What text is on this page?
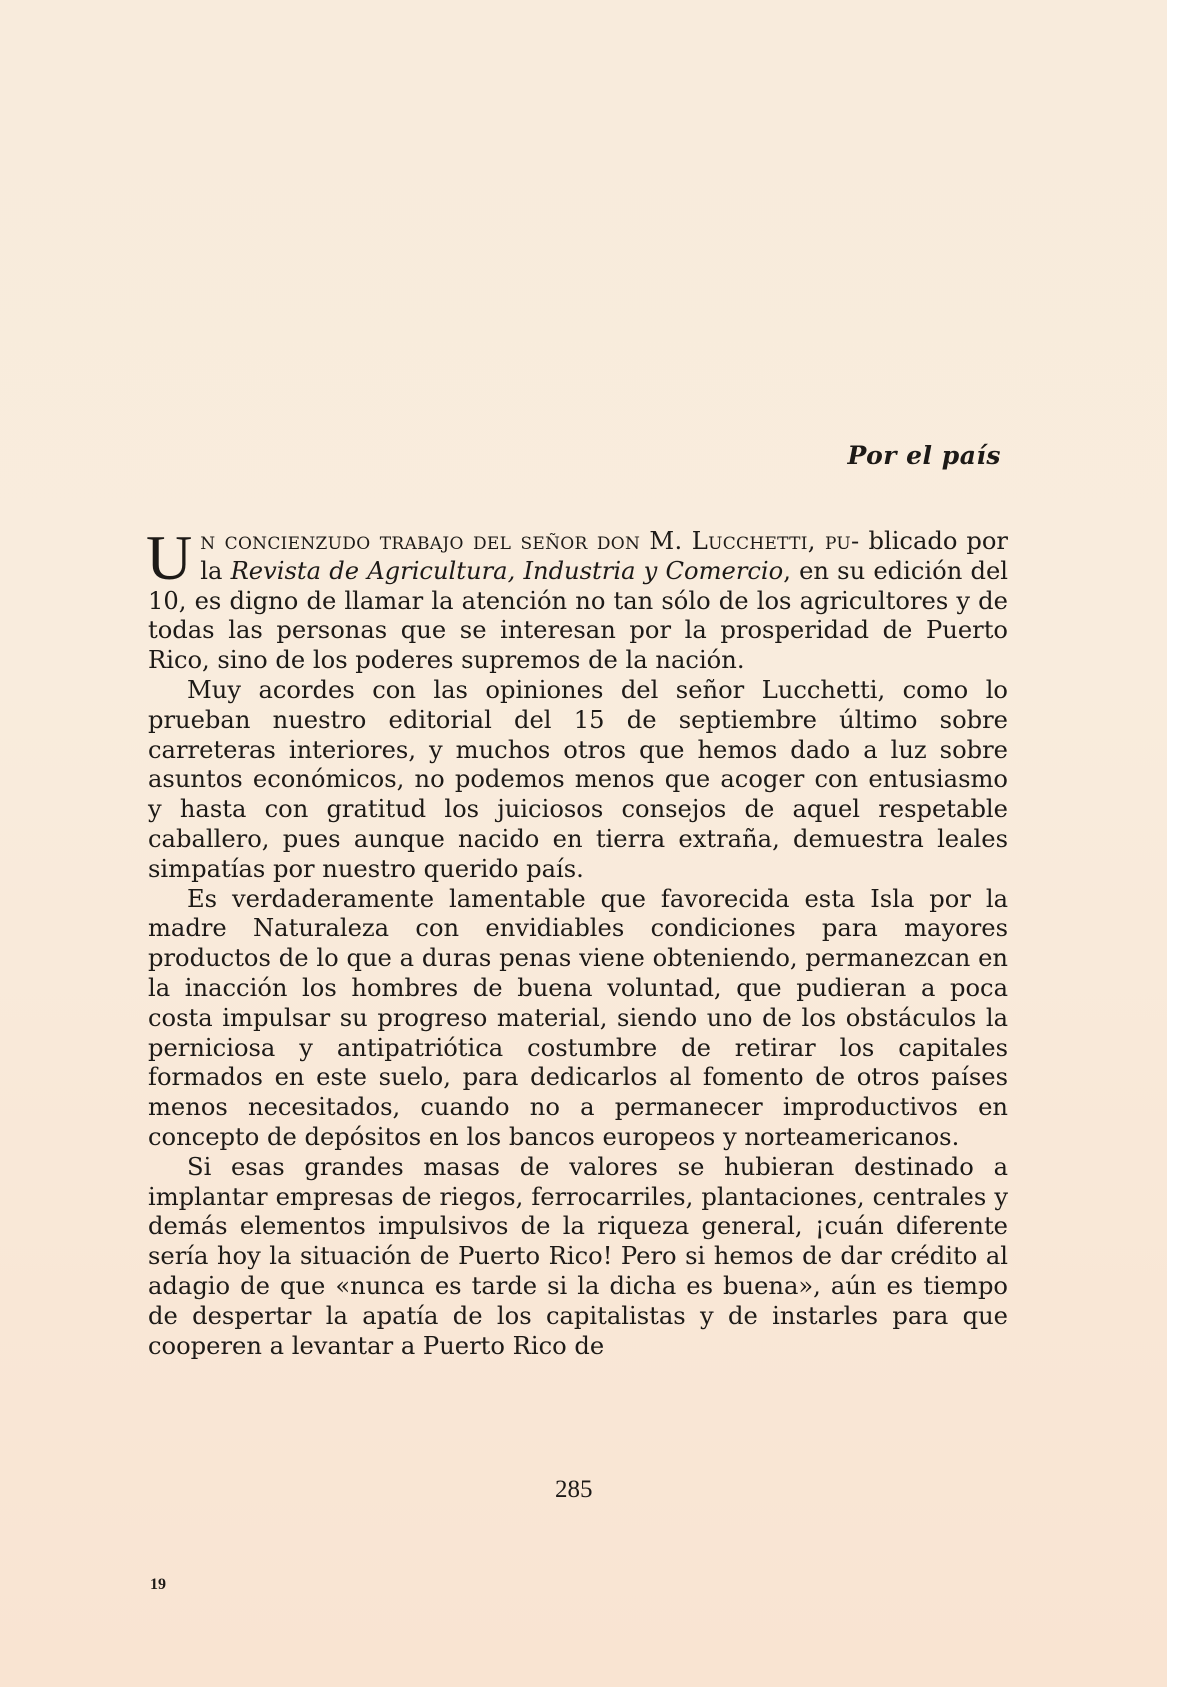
Por el país

Un concienzudo trabajo del señor don M. Lucchetti, pu- blicado por la Revista de Agricultura, Industria y Comercio, en su edición del 10, es digno de llamar la atención no tan sólo de los agricultores y de todas las personas que se interesan por la prosperidad de Puerto Rico, sino de los poderes supremos de la nación.

Muy acordes con las opiniones del señor Lucchetti, como lo prueban nuestro editorial del 15 de septiembre último sobre carreteras interiores, y muchos otros que hemos dado a luz sobre asuntos económicos, no podemos menos que acoger con entusiasmo y hasta con gratitud los juiciosos consejos de aquel respetable caballero, pues aunque nacido en tierra extraña, demuestra leales simpatías por nuestro querido país.

Es verdaderamente lamentable que favorecida esta Isla por la madre Naturaleza con envidiables condiciones para mayores productos de lo que a duras penas viene obteniendo, permanezcan en la inacción los hombres de buena voluntad, que pudieran a poca costa impulsar su progreso material, siendo uno de los obstáculos la perniciosa y antipatriótica costumbre de retirar los capitales formados en este suelo, para dedicarlos al fomento de otros países menos necesitados, cuando no a permanecer improductivos en concepto de depósitos en los bancos europeos y norteamericanos.

Si esas grandes masas de valores se hubieran destinado a implantar empresas de riegos, ferrocarriles, plantaciones, centrales y demás elementos impulsivos de la riqueza general, ¡cuán diferente sería hoy la situación de Puerto Rico! Pero si hemos de dar crédito al adagio de que «nunca es tarde si la dicha es buena», aún es tiempo de despertar la apatía de los capitalistas y de instarles para que cooperen a levantar a Puerto Rico de

285

19
